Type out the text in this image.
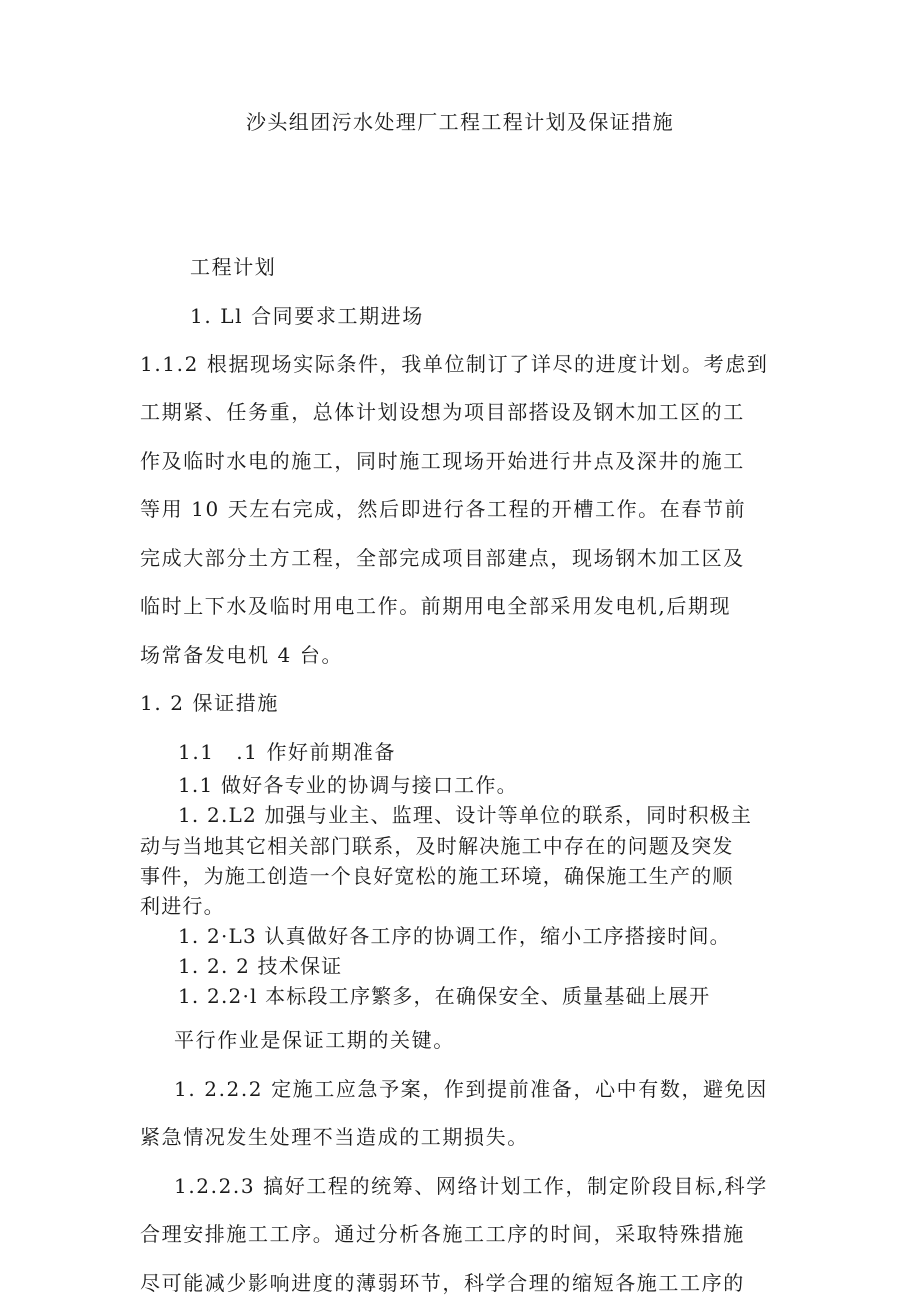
沙头组团污水处理厂工程工程计划及保证措施
工程计划
1. Ll 合同要求工期进场
1.1.2 根据现场实际条件，我单位制订了详尽的进度计划。考虑到
工期紧、任务重，总体计划设想为项目部搭设及钢木加工区的工
作及临时水电的施工，同时施工现场开始进行井点及深井的施工
等用 10 天左右完成，然后即进行各工程的开槽工作。在春节前
完成大部分土方工程，全部完成项目部建点，现场钢木加工区及
临时上下水及临时用电工作。前期用电全部采用发电机,后期现
场常备发电机 4 台。
1. 2 保证措施
1.1　.1 作好前期准备
1.1 做好各专业的协调与接口工作。
1. 2.L2 加强与业主、监理、设计等单位的联系，同时积极主
动与当地其它相关部门联系，及时解决施工中存在的问题及突发
事件，为施工创造一个良好宽松的施工环境，确保施工生产的顺
利进行。
1. 2·L3 认真做好各工序的协调工作，缩小工序搭接时间。
1. 2. 2 技术保证
1. 2.2·l 本标段工序繁多，在确保安全、质量基础上展开
平行作业是保证工期的关键。
1. 2.2.2 定施工应急予案，作到提前准备，心中有数，避免因
紧急情况发生处理不当造成的工期损失。
1.2.2.3 搞好工程的统筹、网络计划工作，制定阶段目标,科学
合理安排施工工序。通过分析各施工工序的时间，采取特殊措施
尽可能减少影响进度的薄弱环节，科学合理的缩短各施工工序的
